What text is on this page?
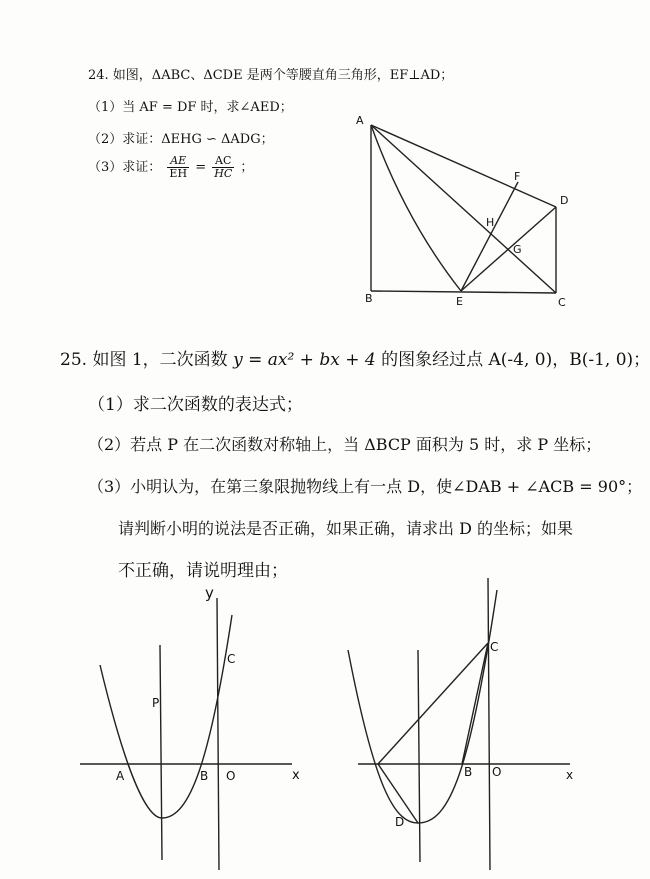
24. 如图，ΔABC、ΔCDE 是两个等腰直角三角形，EF⊥AD；
（1）当 AF = DF 时，求∠AED；
（2）求证：ΔEHG ∽ ΔADG；
（3）求证： $\frac{AE}{EH} = \frac{AC}{HC}$ ；
A
B	C
D
E
F
G
H
25. 如图 1，二次函数 y = ax² + bx + 4 的图象经过点 A(-4, 0)，B(-1, 0)；
（1）求二次函数的表达式；
（2）若点 P 在二次函数对称轴上，当 ΔBCP 面积为 5 时，求 P 坐标；
（3）小明认为，在第三象限抛物线上有一点 D，使∠DAB + ∠ACB = 90°；
请判断小明的说法是否正确，如果正确，请求出 D 的坐标；如果
不正确，请说明理由；
y
x
A	B O
C
P
C
B O
D
x
